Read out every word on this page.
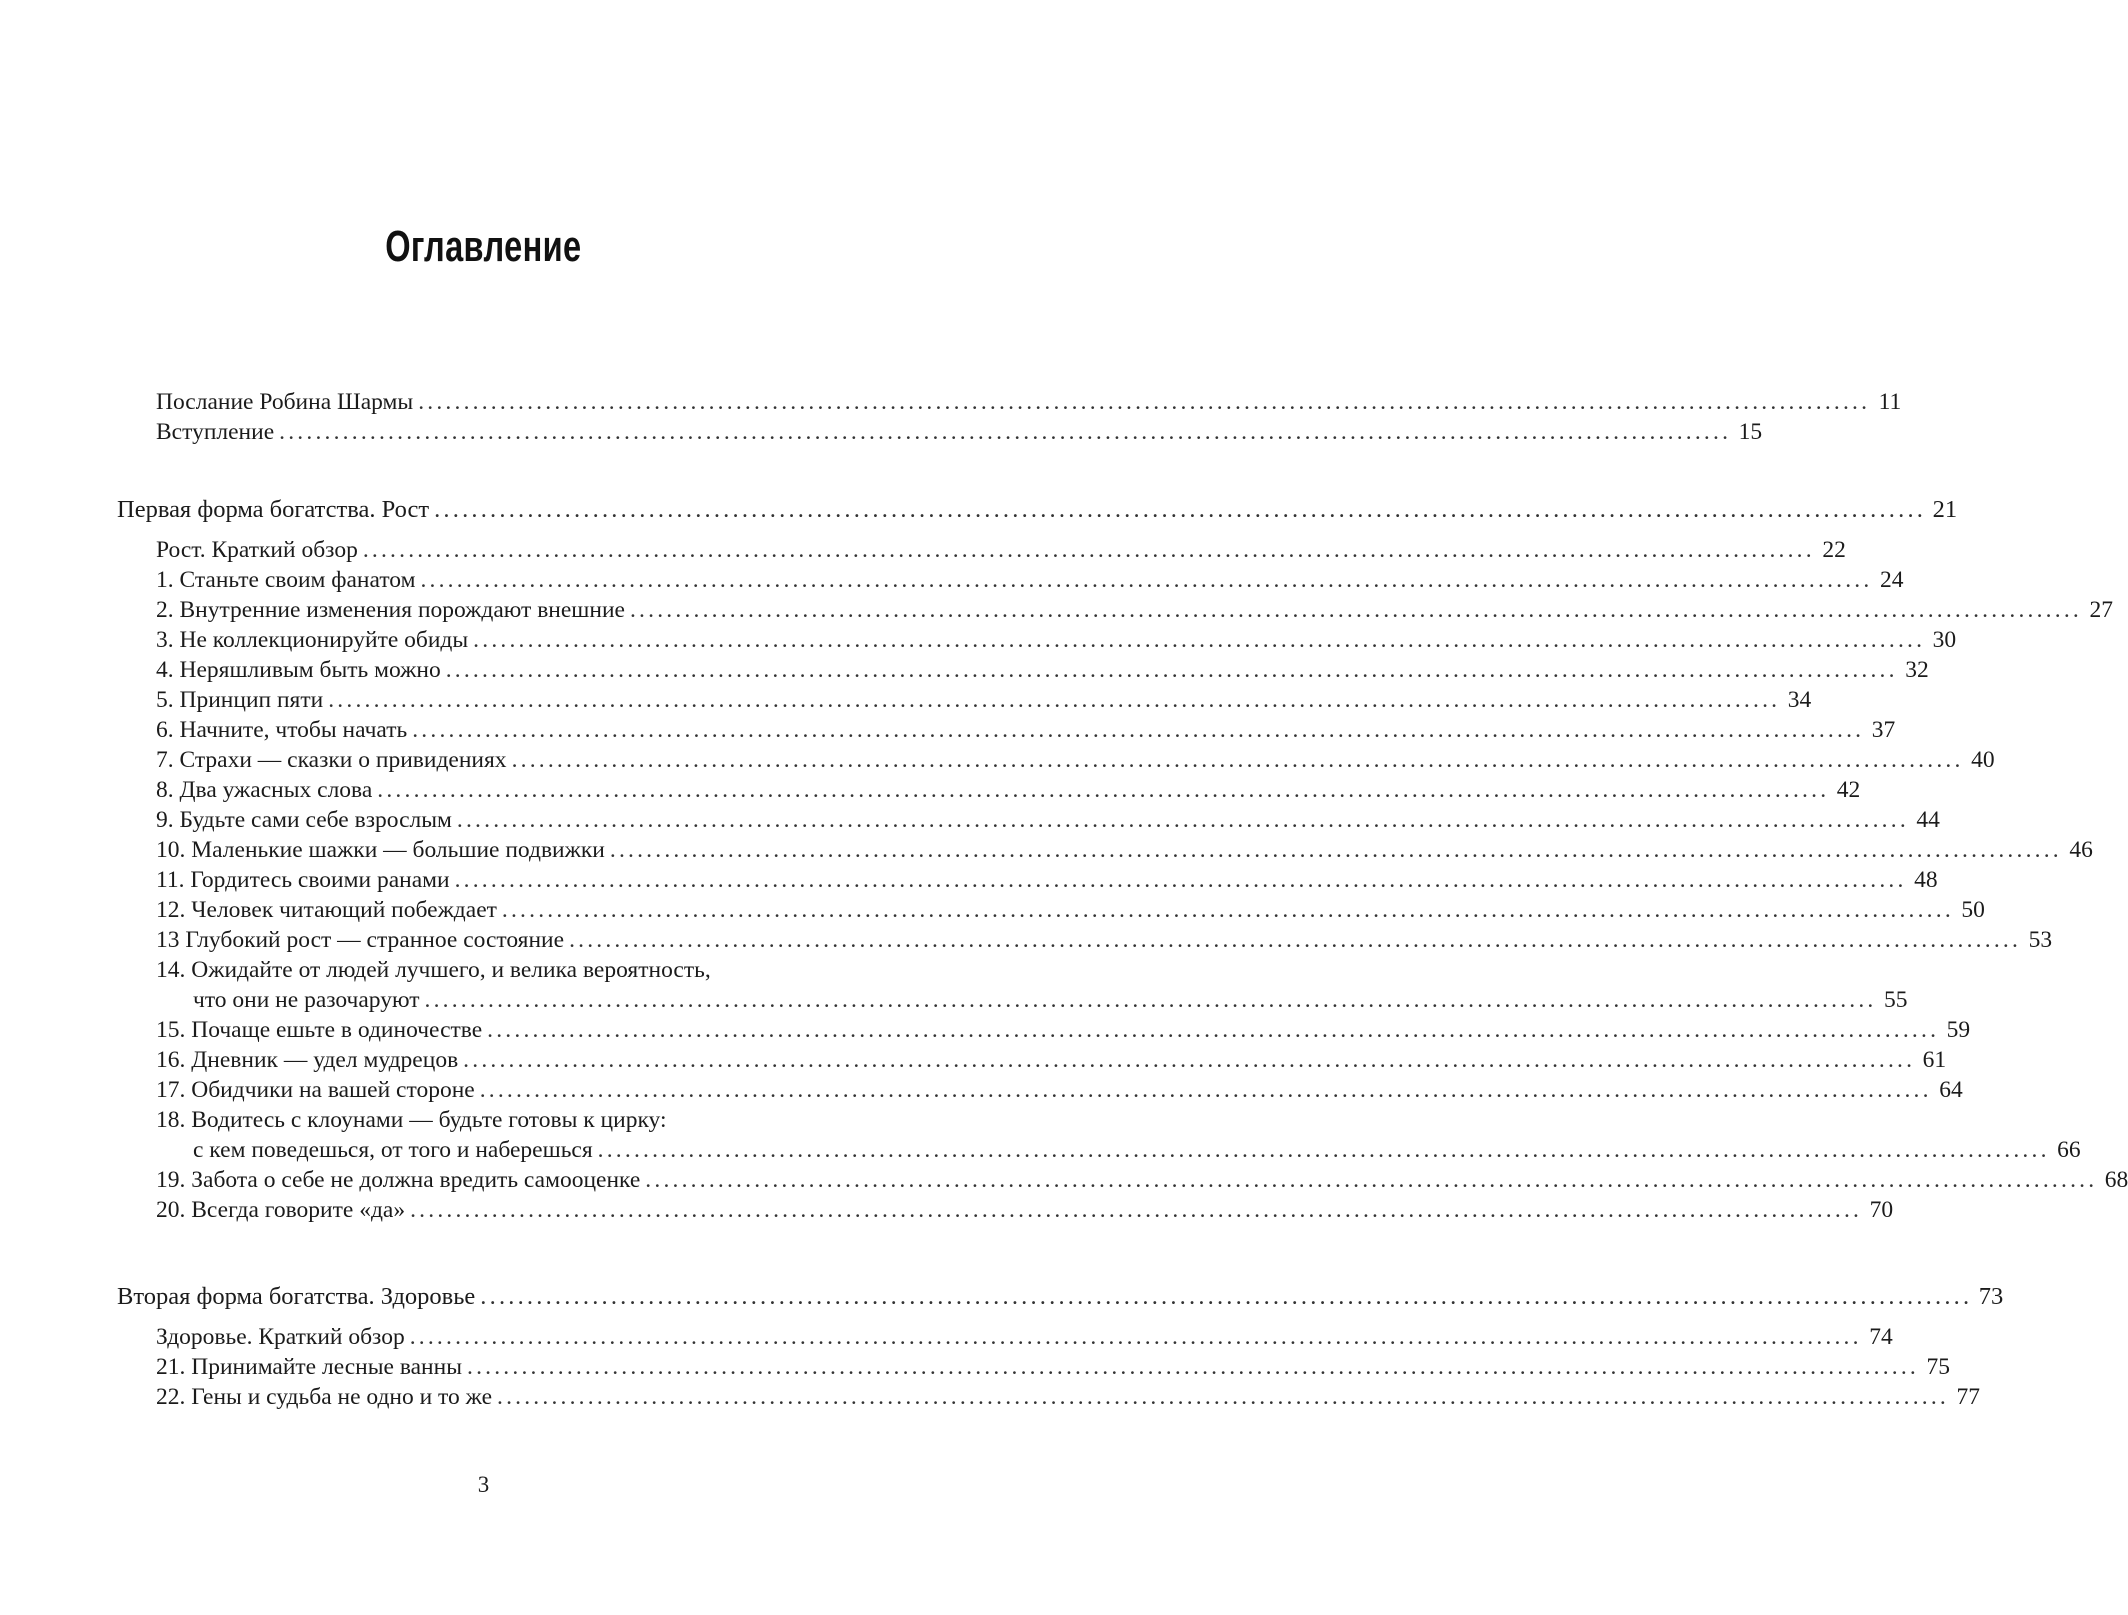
Оглавление
Послание Робина Шармы ................................................................................................................................................................ 11
Вступление ................................................................................................................................................................ 15
Первая форма богатства. Рост ................................................................................................................................................................ 21
Рост. Краткий обзор ................................................................................................................................................................ 22
1. Станьте своим фанатом ................................................................................................................................................................ 24
2. Внутренние изменения порождают внешние ................................................................................................................................................................ 27
3. Не коллекционируйте обиды ................................................................................................................................................................ 30
4. Неряшливым быть можно ................................................................................................................................................................ 32
5. Принцип пяти ................................................................................................................................................................ 34
6. Начните, чтобы начать ................................................................................................................................................................ 37
7. Страхи — сказки о привидениях ................................................................................................................................................................ 40
8. Два ужасных слова ................................................................................................................................................................ 42
9. Будьте сами себе взрослым ................................................................................................................................................................ 44
10. Маленькие шажки — большие подвижки ................................................................................................................................................................ 46
11. Гордитесь своими ранами ................................................................................................................................................................ 48
12. Человек читающий побеждает ................................................................................................................................................................ 50
13 Глубокий рост — странное состояние ................................................................................................................................................................ 53
14. Ожидайте от людей лучшего, и велика вероятность,
что они не разочаруют ................................................................................................................................................................ 55
15. Почаще ешьте в одиночестве ................................................................................................................................................................ 59
16. Дневник — удел мудрецов ................................................................................................................................................................ 61
17. Обидчики на вашей стороне ................................................................................................................................................................ 64
18. Водитесь с клоунами — будьте готовы к цирку:
с кем поведешься, от того и наберешься ................................................................................................................................................................ 66
19. Забота о себе не должна вредить самооценке ................................................................................................................................................................ 68
20. Всегда говорите «да» ................................................................................................................................................................ 70
Вторая форма богатства. Здоровье ................................................................................................................................................................ 73
Здоровье. Краткий обзор ................................................................................................................................................................ 74
21. Принимайте лесные ванны ................................................................................................................................................................ 75
22. Гены и судьба не одно и то же ................................................................................................................................................................ 77
3
